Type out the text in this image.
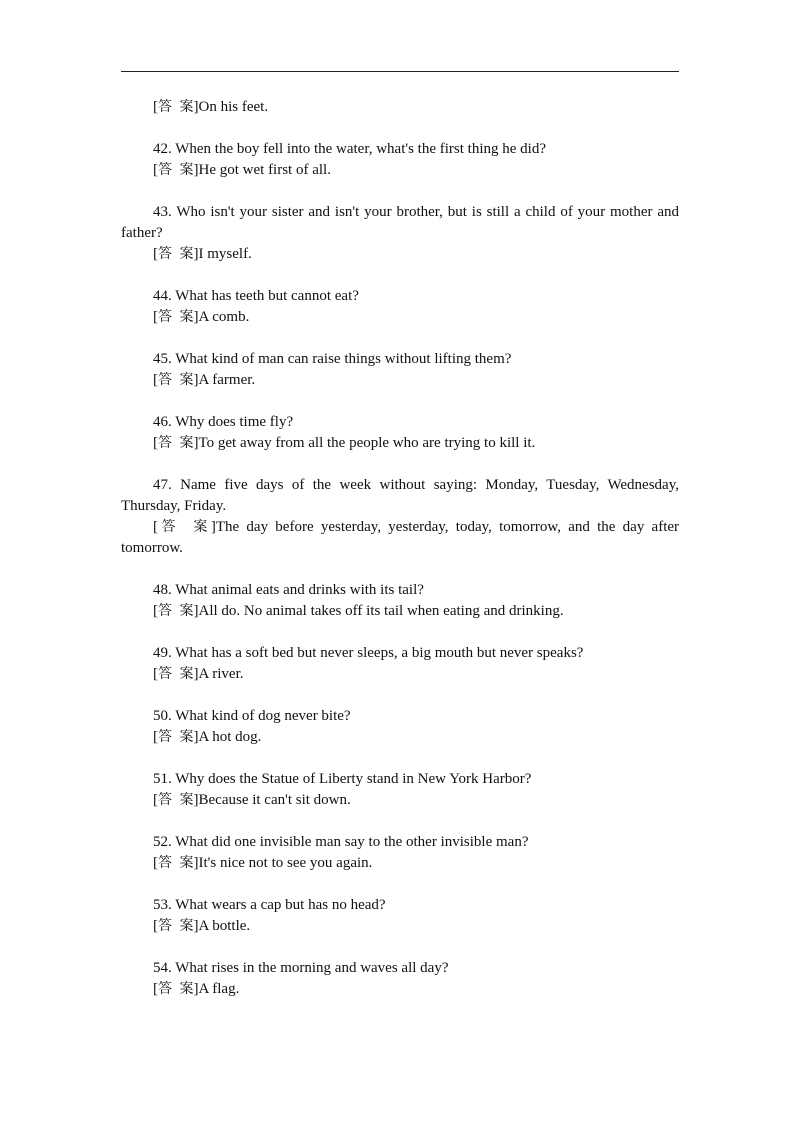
[答 案]On his feet.

42. When the boy fell into the water, what's the first thing he did?

[答 案]He got wet first of all.

43. Who isn't your sister and isn't your brother, but is still a child of your mother and father?

[答 案]I myself.

44. What has teeth but cannot eat?

[答 案]A comb.

45. What kind of man can raise things without lifting them?

[答 案]A farmer.

46. Why does time fly?

[答 案]To get away from all the people who are trying to kill it.

47. Name five days of the week without saying: Monday, Tuesday, Wednesday, Thursday, Friday.

[答 案]The day before yesterday, yesterday, today, tomorrow, and the day after tomorrow.

48. What animal eats and drinks with its tail?

[答 案]All do. No animal takes off its tail when eating and drinking.

49. What has a soft bed but never sleeps, a big mouth but never speaks?

[答 案]A river.

50. What kind of dog never bite?

[答 案]A hot dog.

51. Why does the Statue of Liberty stand in New York Harbor?

[答 案]Because it can't sit down.

52. What did one invisible man say to the other invisible man?

[答 案]It's nice not to see you again.

53. What wears a cap but has no head?

[答 案]A bottle.

54. What rises in the morning and waves all day?

[答 案]A flag.
